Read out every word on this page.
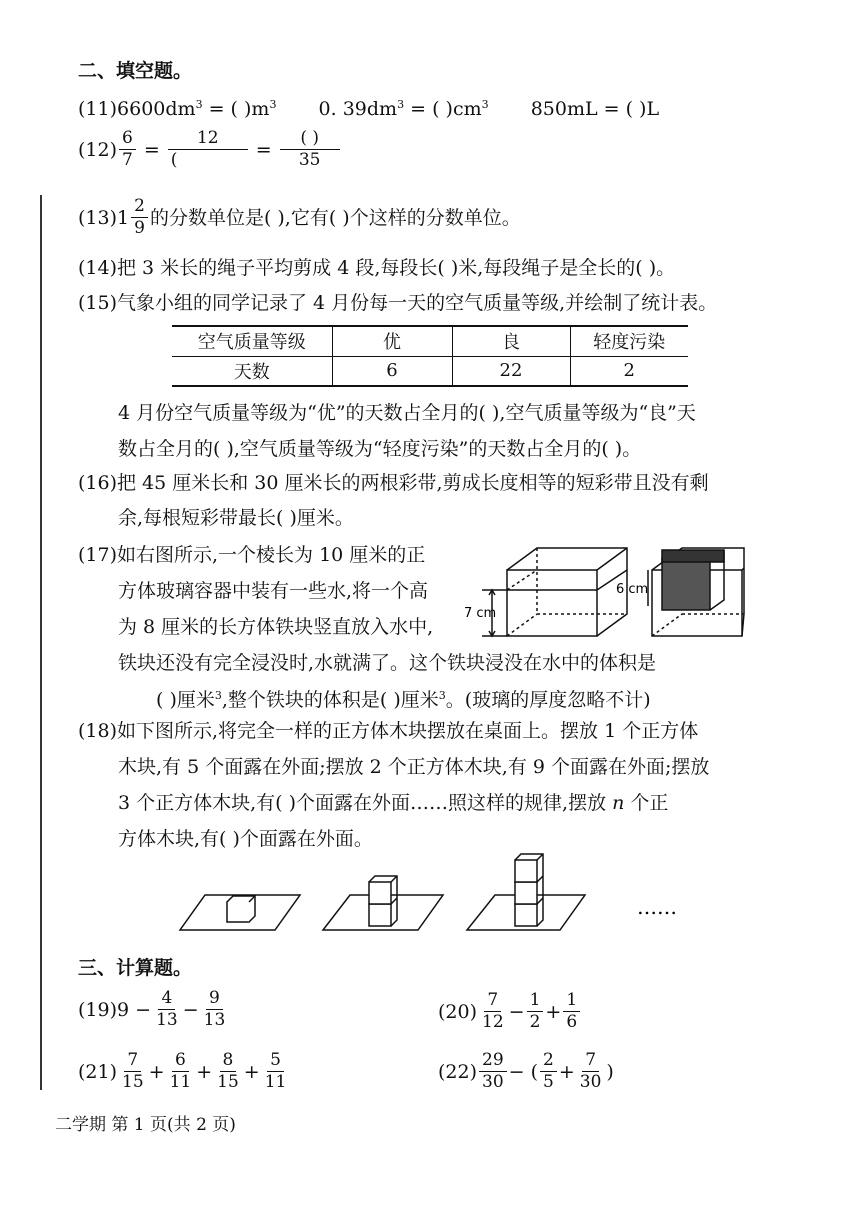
二、填空题。
$(11)6600dm^3$ = ( )$m^3$ 0. $39dm^3$ = ( )$cm^3$ 850mL = ( )L
$(12) \frac{6}{7} = \frac{12}{(} = \frac{( )}{35}$
(13) $1 \frac{2}{9}$ 的分数单位是( ),它有( )个这样的分数单位。
(14)把 3 米长的绳子平均剪成 4 段,每段长( )米,每段绳子是全长的( )。
(15)气象小组的同学记录了 4 月份每一天的空气质量等级,并绘制了统计表。
空气质量等级	优	良	轻度污染
天数	6	22	2
4 月份空气质量等级为“优”的天数占全月的( ),空气质量等级为“良”天
数占全月的( ),空气质量等级为“轻度污染”的天数占全月的( )。
(16)把 45 厘米长和 30 厘米长的两根彩带,剪成长度相等的短彩带且没有剩
余,每根短彩带最长( )厘米。
(17)如右图所示,一个棱长为 10 厘米的正
方体玻璃容器中装有一些水,将一个高
为 8 厘米的长方体铁块竖直放入水中,
铁块还没有完全浸没时,水就满了。这个铁块浸没在水中的体积是
( )厘米$^3$,整个铁块的体积是( )厘米$^3$。(玻璃的厚度忽略不计)
7 cm
6 cm
(18)如下图所示,将完全一样的正方体木块摆放在桌面上。摆放 1 个正方体
木块,有 5 个面露在外面;摆放 2 个正方体木块,有 9 个面露在外面;摆放
3 个正方体木块,有( )个面露在外面……照这样的规律,摆放 n 个正
方体木块,有( )个面露在外面。
……
三、计算题。
(19) $9 - \frac{4}{13} - \frac{9}{13}$	$(20) \frac{7}{12} - \frac{1}{2} + \frac{1}{6}$
$(21) \frac{7}{15} + \frac{6}{11} + \frac{8}{15} + \frac{5}{11}$	$(22) \frac{29}{30}$ − ( $\frac{2}{5} + \frac{7}{30}$ )
二学期 第 1 页(共 2 页)
